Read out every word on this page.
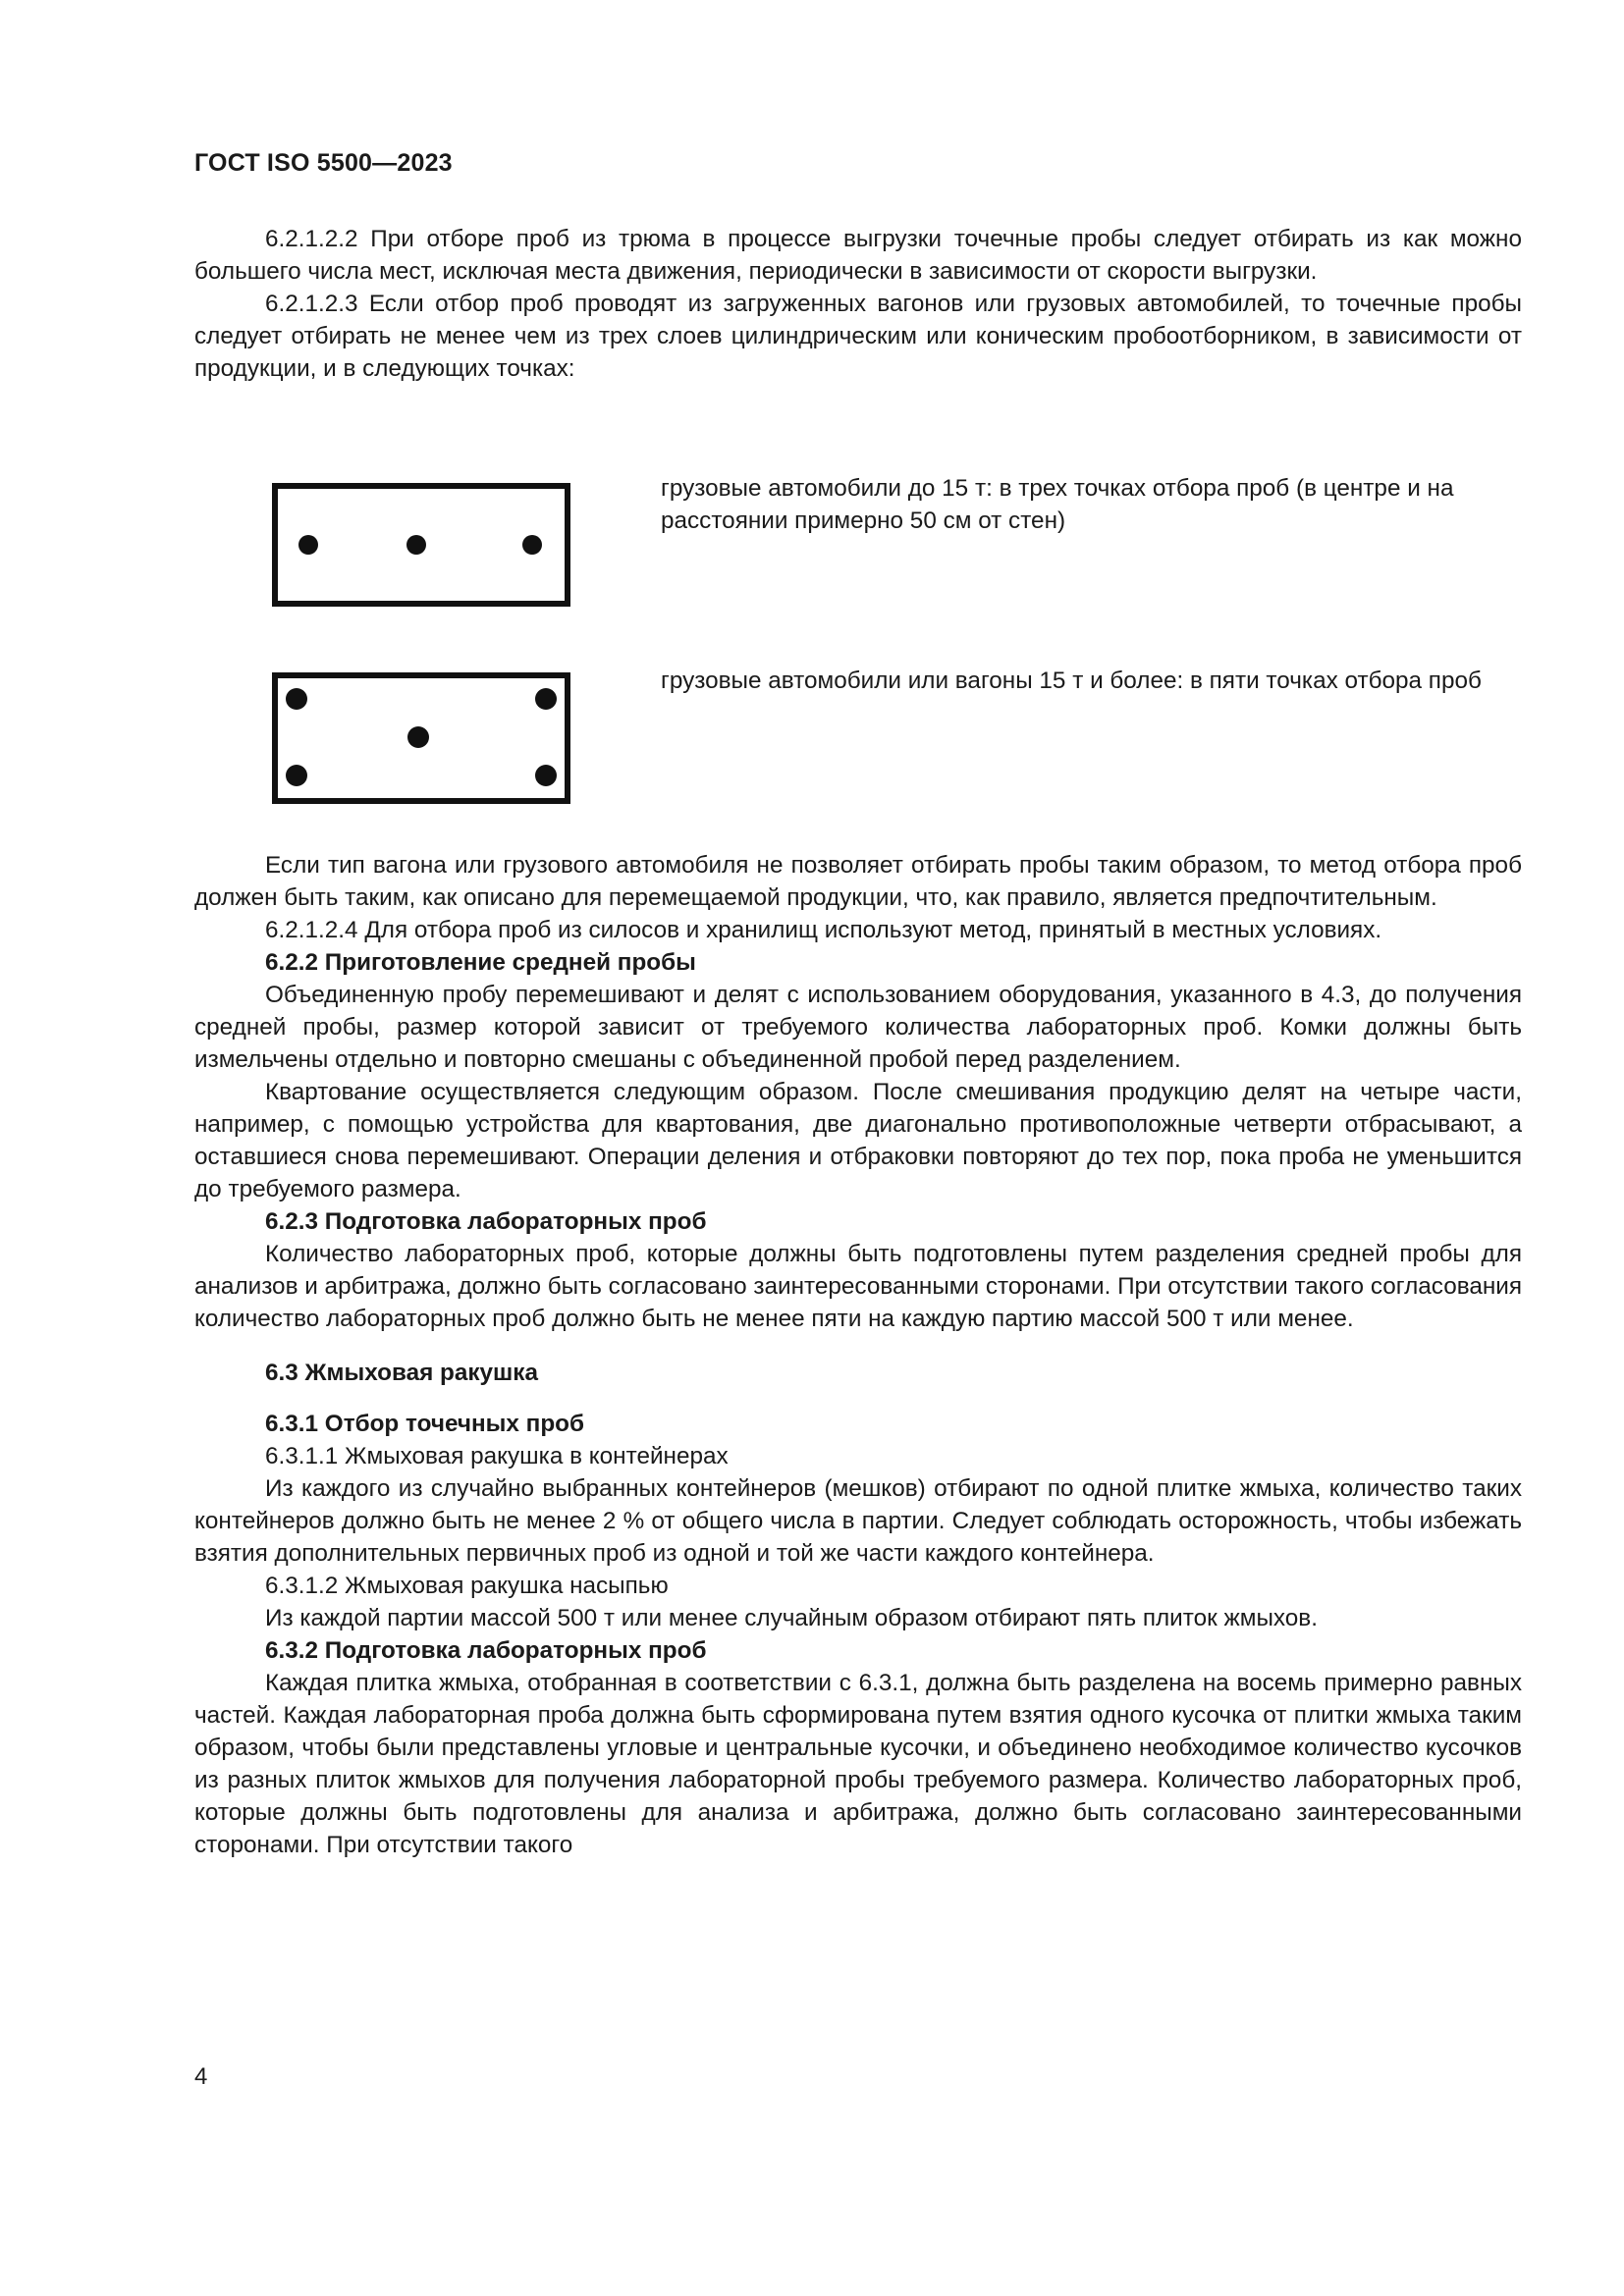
ГОСТ ISO 5500—2023

6.2.1.2.2 При отборе проб из трюма в процессе выгрузки точечные пробы следует отбирать из как можно большего числа мест, исключая места движения, периодически в зависимости от скорости выгрузки.

6.2.1.2.3 Если отбор проб проводят из загруженных вагонов или грузовых автомобилей, то точечные пробы следует отбирать не менее чем из трех слоев цилиндрическим или коническим пробоотборником, в зависимости от продукции, и в следующих точках:

грузовые автомобили до 15 т: в трех точках отбора проб (в центре и на расстоянии примерно 50 см от стен)
грузовые автомобили или вагоны 15 т и более: в пяти точках отбора проб

Если тип вагона или грузового автомобиля не позволяет отбирать пробы таким образом, то метод отбора проб должен быть таким, как описано для перемещаемой продукции, что, как правило, является предпочтительным.

6.2.1.2.4 Для отбора проб из силосов и хранилищ используют метод, принятый в местных условиях.

6.2.2 Приготовление средней пробы

Объединенную пробу перемешивают и делят с использованием оборудования, указанного в 4.3, до получения средней пробы, размер которой зависит от требуемого количества лабораторных проб. Комки должны быть измельчены отдельно и повторно смешаны с объединенной пробой перед разделением.

Квартование осуществляется следующим образом. После смешивания продукцию делят на четыре части, например, с помощью устройства для квартования, две диагонально противоположные четверти отбрасывают, а оставшиеся снова перемешивают. Операции деления и отбраковки повторяют до тех пор, пока проба не уменьшится до требуемого размера.

6.2.3 Подготовка лабораторных проб

Количество лабораторных проб, которые должны быть подготовлены путем разделения средней пробы для анализов и арбитража, должно быть согласовано заинтересованными сторонами. При отсутствии такого согласования количество лабораторных проб должно быть не менее пяти на каждую партию массой 500 т или менее.

6.3 Жмыховая ракушка

6.3.1 Отбор точечных проб

6.3.1.1 Жмыховая ракушка в контейнерах

Из каждого из случайно выбранных контейнеров (мешков) отбирают по одной плитке жмыха, количество таких контейнеров должно быть не менее 2 % от общего числа в партии. Следует соблюдать осторожность, чтобы избежать взятия дополнительных первичных проб из одной и той же части каждого контейнера.

6.3.1.2 Жмыховая ракушка насыпью

Из каждой партии массой 500 т или менее случайным образом отбирают пять плиток жмыхов.

6.3.2 Подготовка лабораторных проб

Каждая плитка жмыха, отобранная в соответствии с 6.3.1, должна быть разделена на восемь примерно равных частей. Каждая лабораторная проба должна быть сформирована путем взятия одного кусочка от плитки жмыха таким образом, чтобы были представлены угловые и центральные кусочки, и объединено необходимое количество кусочков из разных плиток жмыхов для получения лабораторной пробы требуемого размера. Количество лабораторных проб, которые должны быть подготовлены для анализа и арбитража, должно быть согласовано заинтересованными сторонами. При отсутствии такого

4
